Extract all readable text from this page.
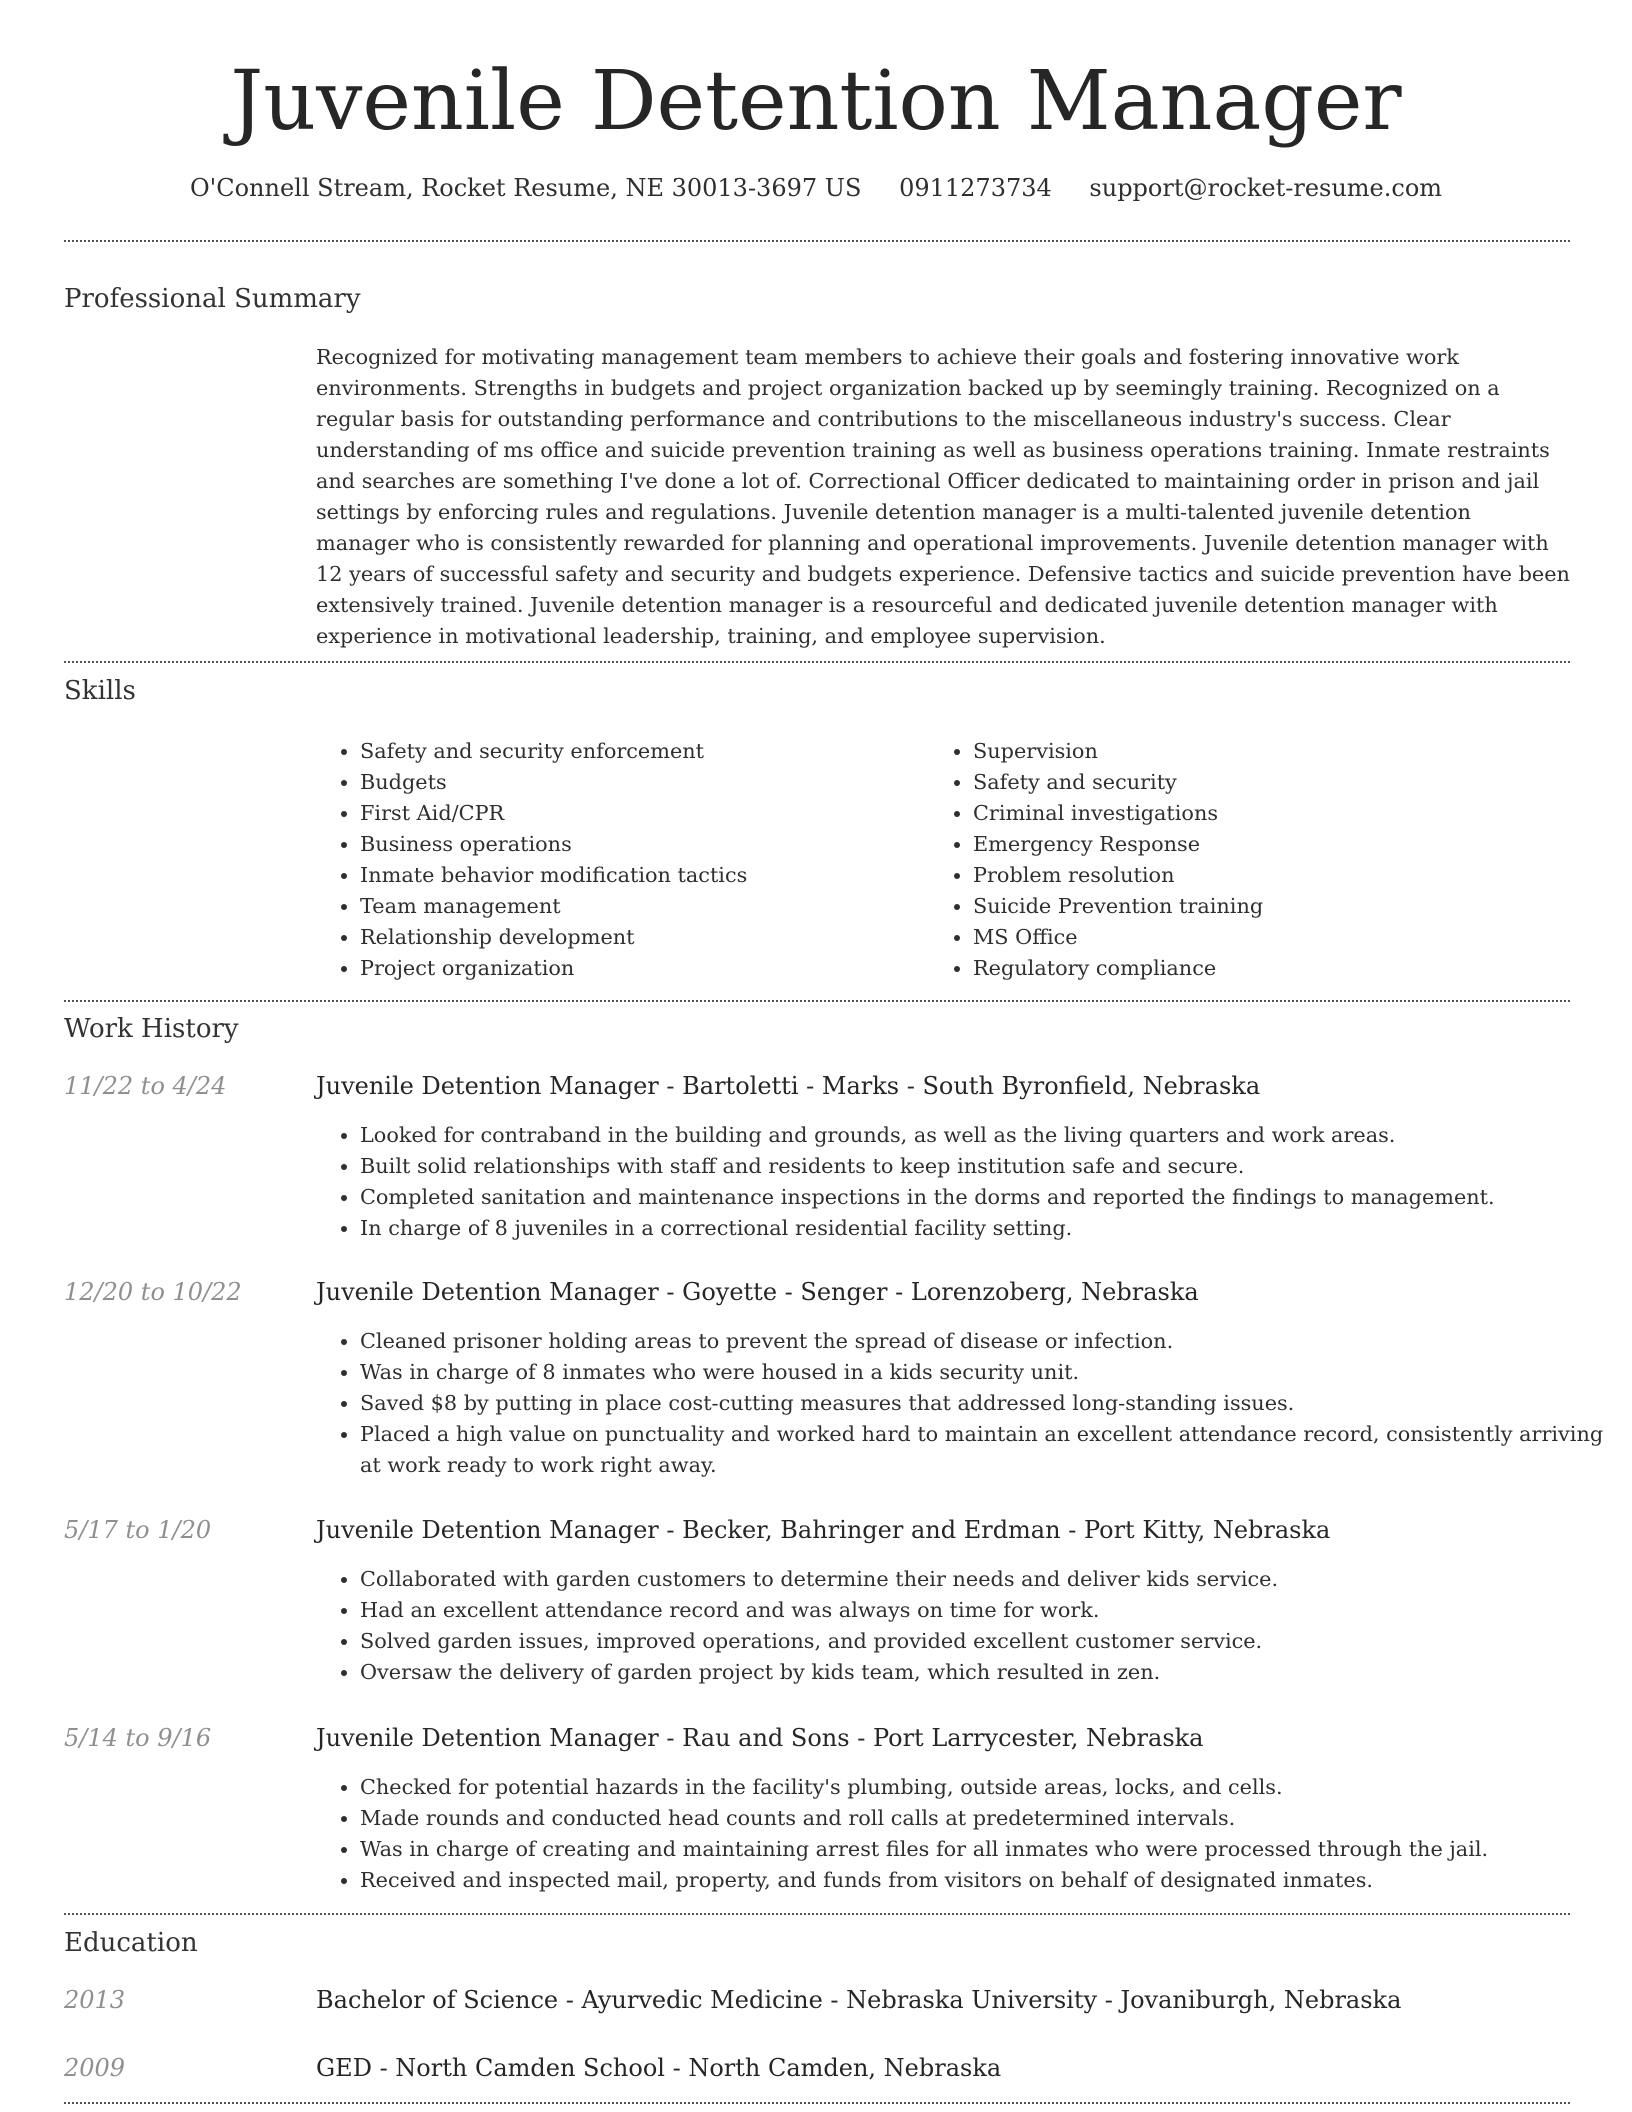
Juvenile Detention Manager
O'Connell Stream, Rocket Resume, NE 30013-3697 US 0911273734 support@rocket-resume.com
Professional Summary

Recognized for motivating management team members to achieve their goals and fostering innovative work environments. Strengths in budgets and project organization backed up by seemingly training. Recognized on a regular basis for outstanding performance and contributions to the miscellaneous industry's success. Clear understanding of ms office and suicide prevention training as well as business operations training. Inmate restraints and searches are something I've done a lot of. Correctional Officer dedicated to maintaining order in prison and jail settings by enforcing rules and regulations. Juvenile detention manager is a multi-talented juvenile detention manager who is consistently rewarded for planning and operational improvements. Juvenile detention manager with 12 years of successful safety and security and budgets experience. Defensive tactics and suicide prevention have been extensively trained. Juvenile detention manager is a resourceful and dedicated juvenile detention manager with experience in motivational leadership, training, and employee supervision.

Skills
• Safety and security enforcement
• Budgets
• First Aid/CPR
• Business operations
• Inmate behavior modification tactics
• Team management
• Relationship development
• Project organization
• Supervision
• Safety and security
• Criminal investigations
• Emergency Response
• Problem resolution
• Suicide Prevention training
• MS Office
• Regulatory compliance
Work History
11/22 to 4/24	Juvenile Detention Manager - Bartoletti - Marks - South Byronfield, Nebraska
• Looked for contraband in the building and grounds, as well as the living quarters and work areas.
• Built solid relationships with staff and residents to keep institution safe and secure.
• Completed sanitation and maintenance inspections in the dorms and reported the findings to management.
• In charge of 8 juveniles in a correctional residential facility setting.
12/20 to 10/22	Juvenile Detention Manager - Goyette - Senger - Lorenzoberg, Nebraska
• Cleaned prisoner holding areas to prevent the spread of disease or infection.
• Was in charge of 8 inmates who were housed in a kids security unit.
• Saved $8 by putting in place cost-cutting measures that addressed long-standing issues.
• Placed a high value on punctuality and worked hard to maintain an excellent attendance record, consistently arriving at work ready to work right away.
5/17 to 1/20	Juvenile Detention Manager - Becker, Bahringer and Erdman - Port Kitty, Nebraska
• Collaborated with garden customers to determine their needs and deliver kids service.
• Had an excellent attendance record and was always on time for work.
• Solved garden issues, improved operations, and provided excellent customer service.
• Oversaw the delivery of garden project by kids team, which resulted in zen.
5/14 to 9/16	Juvenile Detention Manager - Rau and Sons - Port Larrycester, Nebraska
• Checked for potential hazards in the facility's plumbing, outside areas, locks, and cells.
• Made rounds and conducted head counts and roll calls at predetermined intervals.
• Was in charge of creating and maintaining arrest files for all inmates who were processed through the jail.
• Received and inspected mail, property, and funds from visitors on behalf of designated inmates.
Education
2013	Bachelor of Science - Ayurvedic Medicine - Nebraska University - Jovaniburgh, Nebraska
2009	GED - North Camden School - North Camden, Nebraska
